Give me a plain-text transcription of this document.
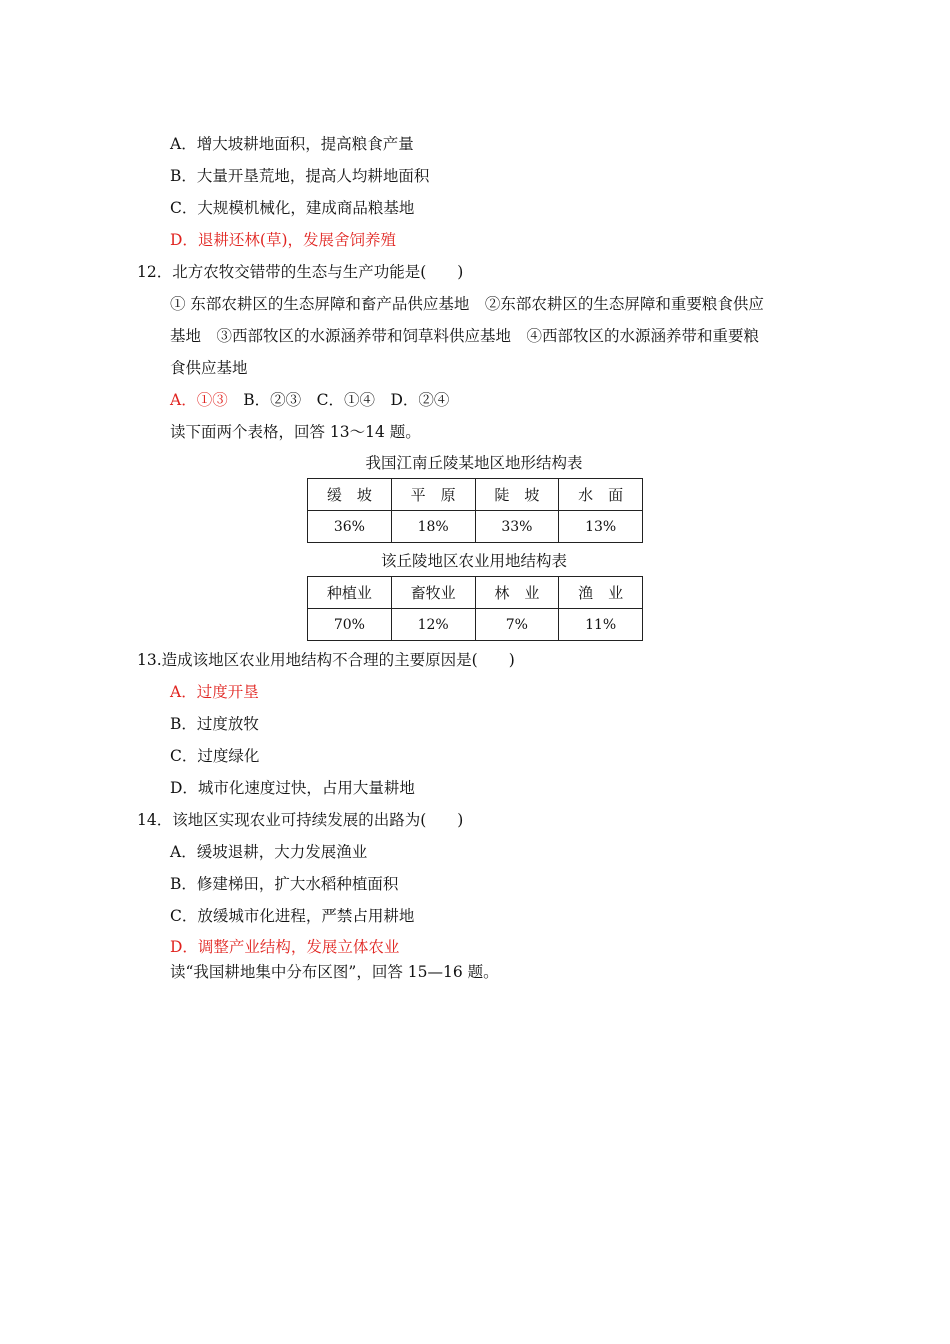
A．增大坡耕地面积，提高粮食产量
B．大量开垦荒地，提高人均耕地面积
C．大规模机械化，建成商品粮基地
D．退耕还林(草)，发展舍饲养殖
12．北方农牧交错带的生态与生产功能是(　　)
① 东部农耕区的生态屏障和畜产品供应基地　②东部农耕区的生态屏障和重要粮食供应
基地　③西部牧区的水源涵养带和饲草料供应基地　④西部牧区的水源涵养带和重要粮
食供应基地
A．①③　B．②③　C．①④　D．②④
读下面两个表格，回答 13～14 题。
我国江南丘陵某地区地形结构表
缓　坡	平　原	陡　坡	水　面
36%	18%	33%	13%
该丘陵地区农业用地结构表
种植业	畜牧业	林　业	渔　业
70%	12%	7%	11%
13.造成该地区农业用地结构不合理的主要原因是(　　)
A．过度开垦
B．过度放牧
C．过度绿化
D．城市化速度过快，占用大量耕地
14．该地区实现农业可持续发展的出路为(　　)
A．缓坡退耕，大力发展渔业
B．修建梯田，扩大水稻种植面积
C．放缓城市化进程，严禁占用耕地
D．调整产业结构，发展立体农业
读“我国耕地集中分布区图”，回答 15—16 题。
